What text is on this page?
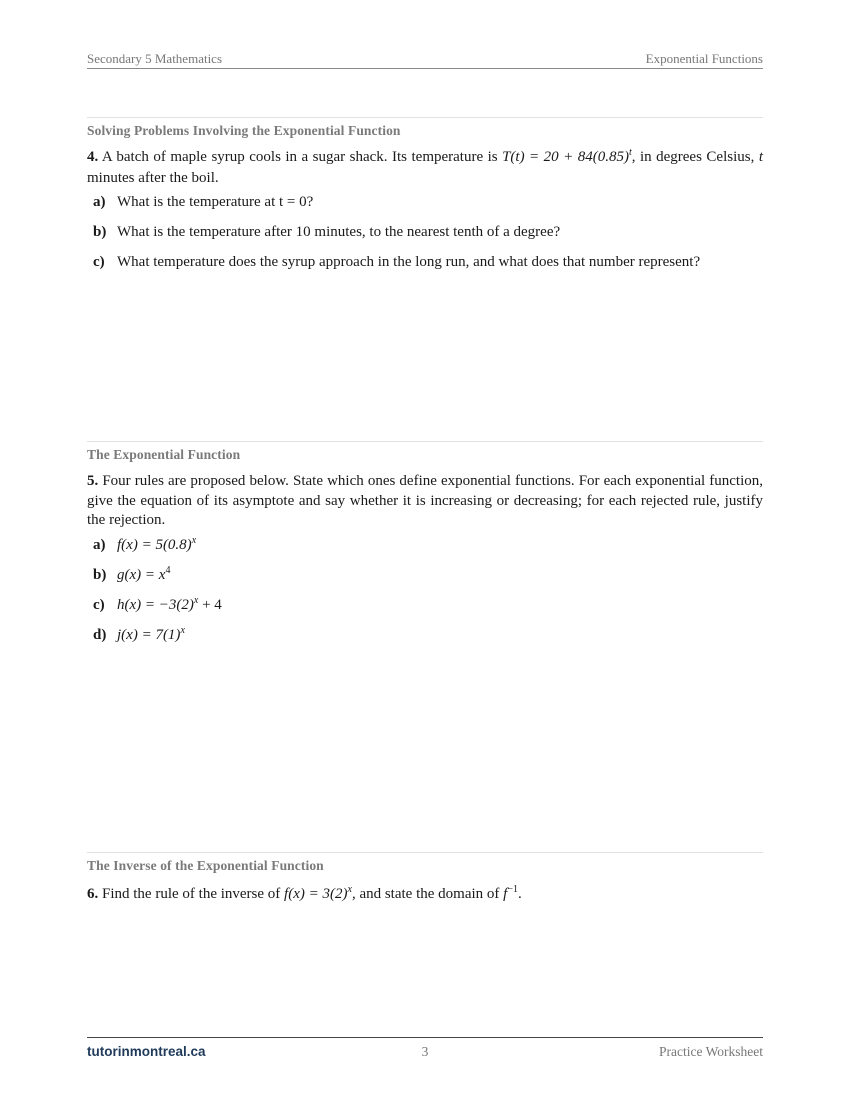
Secondary 5 Mathematics	Exponential Functions
Solving Problems Involving the Exponential Function
4. A batch of maple syrup cools in a sugar shack. Its temperature is $T(t) = 20 + 84(0.85)^t$, in degrees Celsius, t minutes after the boil.
a) What is the temperature at t = 0?
b) What is the temperature after 10 minutes, to the nearest tenth of a degree?
c) What temperature does the syrup approach in the long run, and what does that number represent?
The Exponential Function
5. Four rules are proposed below. State which ones define exponential functions. For each exponential function, give the equation of its asymptote and say whether it is increasing or decreasing; for each rejected rule, justify the rejection.
a) $f(x) = 5(0.8)^x$
b) $g(x) = x^4$
c) $h(x) = -3(2)^x + 4$
d) $j(x) = 7(1)^x$
The Inverse of the Exponential Function
6. Find the rule of the inverse of $f(x) = 3(2)^x$, and state the domain of $f^{-1}$.
tutorinmontreal.ca	3	Practice Worksheet
